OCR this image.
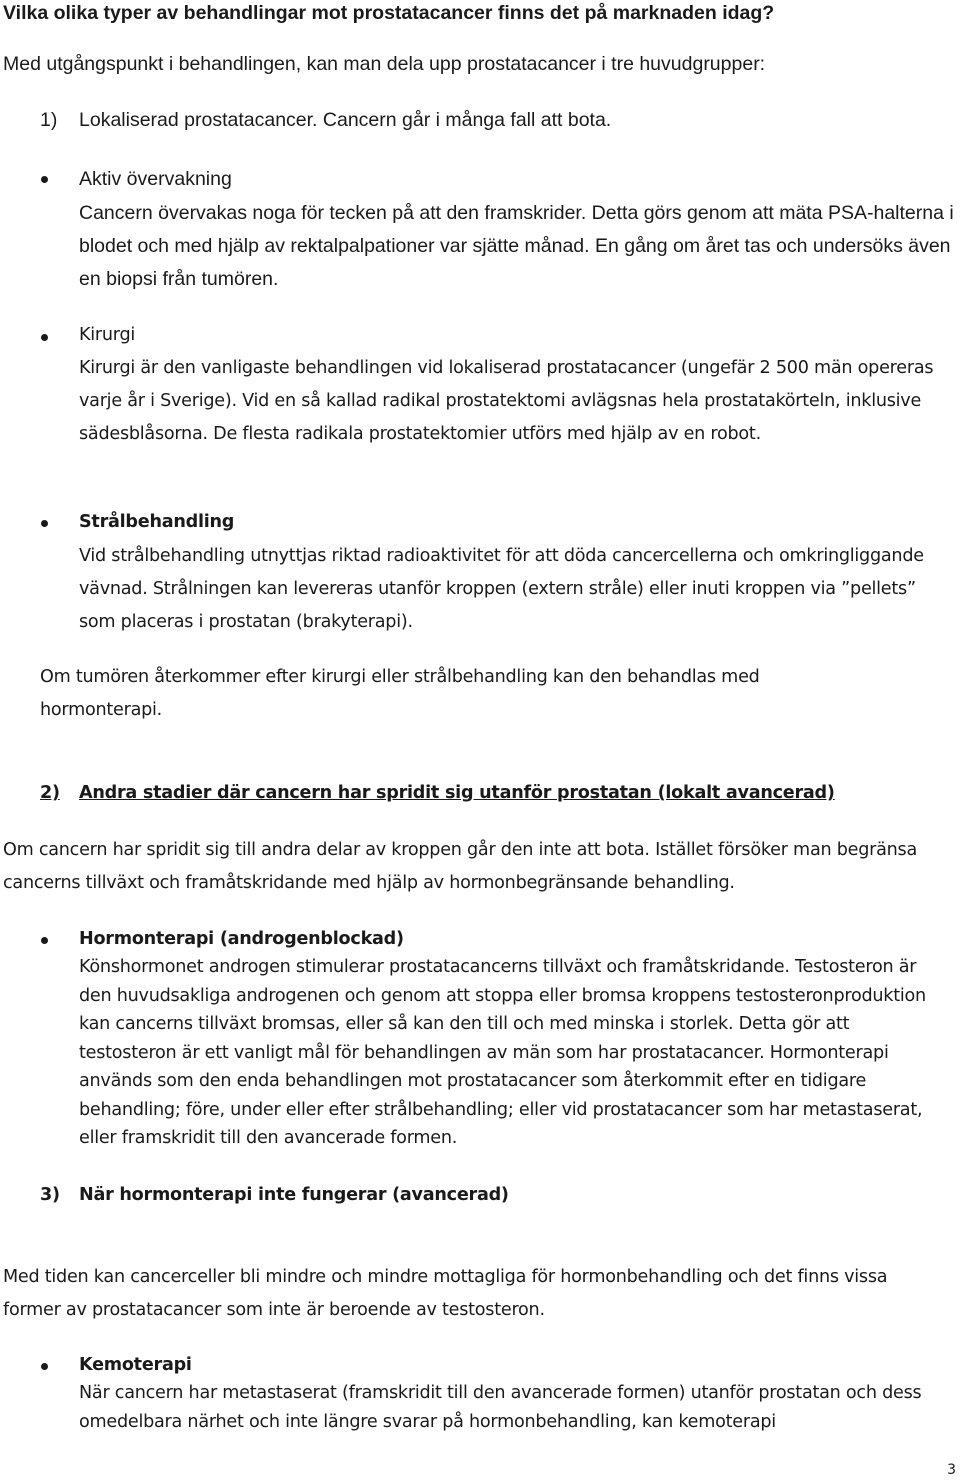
Vilka olika typer av behandlingar mot prostatacancer finns det på marknaden idag?
Med utgångspunkt i behandlingen, kan man dela upp prostatacancer i tre huvudgrupper:
1) Lokaliserad prostatacancer. Cancern går i många fall att bota.
Aktiv övervakning
Cancern övervakas noga för tecken på att den framskrider. Detta görs genom att mäta PSA-halterna i blodet och med hjälp av rektalpalpationer var sjätte månad. En gång om året tas och undersöks även en biopsi från tumören.
Kirurgi
Kirurgi är den vanligaste behandlingen vid lokaliserad prostatacancer (ungefär 2 500 män opereras varje år i Sverige). Vid en så kallad radikal prostatektomi avlägsnas hela prostatakörteln, inklusive sädesblåsorna. De flesta radikala prostatektomier utförs med hjälp av en robot.
Strålbehandling
Vid strålbehandling utnyttjas riktad radioaktivitet för att döda cancercellerna och omkringliggande vävnad. Strålningen kan levereras utanför kroppen (extern stråle) eller inuti kroppen via ”pellets” som placeras i prostatan (brakyterapi).
Om tumören återkommer efter kirurgi eller strålbehandling kan den behandlas med hormonterapi.
2) Andra stadier där cancern har spridit sig utanför prostatan (lokalt avancerad)
Om cancern har spridit sig till andra delar av kroppen går den inte att bota. Istället försöker man begränsa cancerns tillväxt och framåtskridande med hjälp av hormonbegränsande behandling.
Hormonterapi (androgenblockad)
Könshormonet androgen stimulerar prostatacancerns tillväxt och framåtskridande. Testosteron är den huvudsakliga androgenen och genom att stoppa eller bromsa kroppens testosteronproduktion kan cancerns tillväxt bromsas, eller så kan den till och med minska i storlek. Detta gör att testosteron är ett vanligt mål för behandlingen av män som har prostatacancer. Hormonterapi används som den enda behandlingen mot prostatacancer som återkommit efter en tidigare behandling; före, under eller efter strålbehandling; eller vid prostatacancer som har metastaserat, eller framskridit till den avancerade formen.
3) När hormonterapi inte fungerar (avancerad)
Med tiden kan cancerceller bli mindre och mindre mottagliga för hormonbehandling och det finns vissa former av prostatacancer som inte är beroende av testosteron.
Kemoterapi
När cancern har metastaserat (framskridit till den avancerade formen) utanför prostatan och dess omedelbara närhet och inte längre svarar på hormonbehandling, kan kemoterapi
3
